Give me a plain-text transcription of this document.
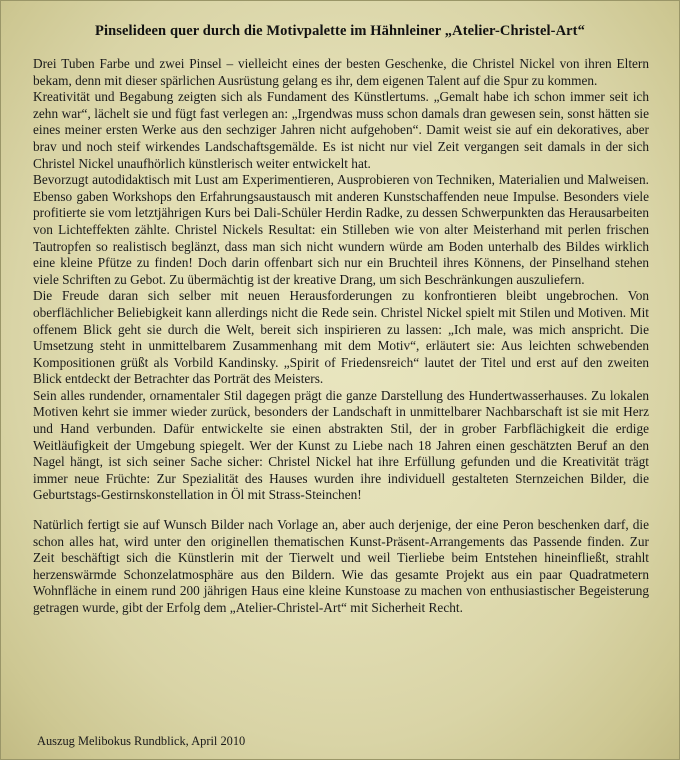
Pinselideen quer durch die Motivpalette im Hähnleiner „Atelier-Christel-Art“

Drei Tuben Farbe und zwei Pinsel – vielleicht eines der besten Geschenke, die Christel Nickel von ihren Eltern bekam, denn mit dieser spärlichen Ausrüstung gelang es ihr, dem eigenen Talent auf die Spur zu kommen.

Kreativität und Begabung zeigten sich als Fundament des Künstlertums. „Gemalt habe ich schon immer seit ich zehn war“, lächelt sie und fügt fast verlegen an: „Irgendwas muss schon damals dran gewesen sein, sonst hätten sie eines meiner ersten Werke aus den sechziger Jahren nicht aufgehoben“. Damit weist sie auf ein dekoratives, aber brav und noch steif wirkendes Landschaftsgemälde. Es ist nicht nur viel Zeit vergangen seit damals in der sich Christel Nickel unaufhörlich künstlerisch weiter entwickelt hat.

Bevorzugt autodidaktisch mit Lust am Experimentieren, Ausprobieren von Techniken, Materialien und Malweisen. Ebenso gaben Workshops den Erfahrungsaustausch mit anderen Kunstschaffenden neue Impulse. Besonders viele profitierte sie vom letztjährigen Kurs bei Dali-Schüler Herdin Radke, zu dessen Schwerpunkten das Herausarbeiten von Lichteffekten zählte. Christel Nickels Resultat: ein Stilleben wie von alter Meisterhand mit perlen frischen Tautropfen so realistisch beglänzt, dass man sich nicht wundern würde am Boden unterhalb des Bildes wirklich eine kleine Pfütze zu finden! Doch darin offenbart sich nur ein Bruchteil ihres Könnens, der Pinselhand stehen viele Schriften zu Gebot. Zu übermächtig ist der kreative Drang, um sich Beschränkungen auszuliefern.

Die Freude daran sich selber mit neuen Herausforderungen zu konfrontieren bleibt ungebrochen. Von oberflächlicher Beliebigkeit kann allerdings nicht die Rede sein. Christel Nickel spielt mit Stilen und Motiven. Mit offenem Blick geht sie durch die Welt, bereit sich inspirieren zu lassen: „Ich male, was mich anspricht. Die Umsetzung steht in unmittelbarem Zusammenhang mit dem Motiv“, erläutert sie: Aus leichten schwebenden Kompositionen grüßt als Vorbild Kandinsky. „Spirit of Friedensreich“ lautet der Titel und erst auf den zweiten Blick entdeckt der Betrachter das Porträt des Meisters.

Sein alles rundender, ornamentaler Stil dagegen prägt die ganze Darstellung des Hundertwasserhauses. Zu lokalen Motiven kehrt sie immer wieder zurück, besonders der Landschaft in unmittelbarer Nachbarschaft ist sie mit Herz und Hand verbunden. Dafür entwickelte sie einen abstrakten Stil, der in grober Farbflächigkeit die erdige Weitläufigkeit der Umgebung spiegelt. Wer der Kunst zu Liebe nach 18 Jahren einen geschätzten Beruf an den Nagel hängt, ist sich seiner Sache sicher: Christel Nickel hat ihre Erfüllung gefunden und die Kreativität trägt immer neue Früchte: Zur Spezialität des Hauses wurden ihre individuell gestalteten Sternzeichen Bilder, die Geburtstags-Gestirnskonstellation in Öl mit Strass-Steinchen!

Natürlich fertigt sie auf Wunsch Bilder nach Vorlage an, aber auch derjenige, der eine Peron beschenken darf, die schon alles hat, wird unter den originellen thematischen Kunst-Präsent-Arrangements das Passende finden. Zur Zeit beschäftigt sich die Künstlerin mit der Tierwelt und weil Tierliebe beim Entstehen hineinfließt, strahlt herzenswärmde Schonzelatmosphäre aus den Bildern. Wie das gesamte Projekt aus ein paar Quadratmetern Wohnfläche in einem rund 200 jährigen Haus eine kleine Kunstoase zu machen von enthusiastischer Begeisterung getragen wurde, gibt der Erfolg dem „Atelier-Christel-Art“ mit Sicherheit Recht.

Auszug Melibokus Rundblick, April 2010
